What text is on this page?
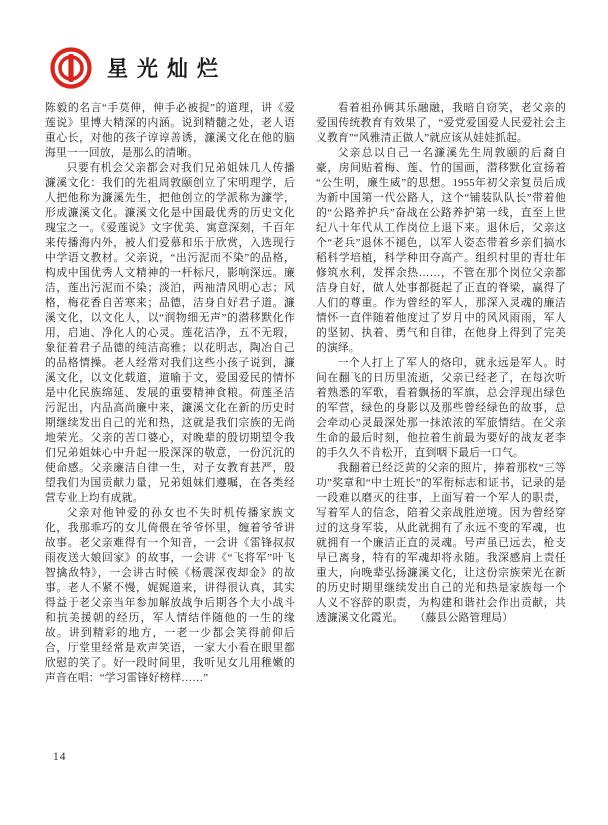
星光灿烂

陈毅的名言“手莫伸，伸手必被捉”的道理，讲《爱莲说》里博大精深的内涵。说到精髓之处，老人语重心长，对他的孩子谆谆善诱，濂溪文化在他的脑海里一一回放，是那么的清晰。

只要有机会父亲都会对我们兄弟姐妹几人传播濂溪文化：我们的先祖周敦颐创立了宋明理学，后人把他称为濂溪先生，把他创立的学派称为濂学，形成濂溪文化。濂溪文化是中国最优秀的历史文化瑰宝之一。《爱莲说》文字优美、寓意深刻，千百年来传播海内外，被人们爱慕和乐于欣赏，入选现行中学语文教材。父亲说，“出污泥而不染”的品格，构成中国优秀人文精神的一杆标尺，影响深远。廉洁，莲出污泥而不染；淡泊，两袖清风明心志；风格，梅花香自苦寒来；品德，洁身自好君子道。濂溪文化，以文化人，以“润物细无声”的潜移默化作用，启迪、净化人的心灵。莲花洁净，五不无瑕，象征着君子品德的纯洁高雅；以花明志，陶冶自己的品格情操。老人经常对我们这些小孩子说到，濂溪文化，以文化载道，道喻于文，爱国爱民的情怀是中化民族绵延、发展的重要精神食粮。荷莲圣洁污泥出，内品高尚廉中来，濂溪文化在新的历史时期继续发出自己的光和热，这就是我们宗族的无尚地荣光。父亲的苦口婆心，对晚辈的殷切期望令我们兄弟姐妹心中升起一股深深的敬意，一份沉沉的使命感。父亲廉洁自律一生，对子女教育甚严，殷望我们为国贡献力量，兄弟姐妹们遵嘱，在各类经营专业上均有成就。

父亲对他钟爱的孙女也不失时机传播家族文化，我那乖巧的女儿倚偎在爷爷怀里，缠着爷爷讲故事。老父亲难得有一个知音，一会讲《雷锋叔叔雨夜送大娘回家》的故事，一会讲《“飞将军”叶飞智擒敌特》，一会讲古时候《杨震深夜却金》的故事。老人不紧不慢，娓娓道来，讲得很认真，其实得益于老父亲当年参加解放战争后期各个大小战斗和抗美援朝的经历，军人情结伴随他的一生的缘故。讲到精彩的地方，一老一少都会笑得前仰后合，厅堂里经常是欢声笑语，一家大小看在眼里都欣慰的笑了。好一段时间里，我听见女儿用稚嫩的声音在唱：“学习雷锋好榜样……”

看着祖孙俩其乐融融，我暗自窃笑，老父亲的爱国传统教育有效果了，“爱党爱国爱人民爱社会主义教育”“风雅清正做人”就应该从娃娃抓起。

父亲总以自己一名濂溪先生周敦颐的后裔自豪，房间贴着梅、莲、竹的国画，潜移默化宣扬着“公生明，廉生威”的思想。1955年初父亲复员后成为新中国第一代公路人，这个“铺装队队长”带着他的“公路养护兵”奋战在公路养护第一线，直至上世纪八十年代从工作岗位上退下来。退休后，父亲这个“老兵”退休不褪色，以军人姿态带着乡亲们搞水稻科学培植，科学种田夺高产。组织村里的青壮年修筑水利，发挥余热……，不管在那个岗位父亲都洁身自好，做人处事都挺起了正直的脊梁，赢得了人们的尊重。作为曾经的军人，那深入灵魂的廉洁情怀一直伴随着他度过了岁月中的风风雨雨，军人的坚韧、执着、勇气和自律，在他身上得到了完美的演绎。

一个人打上了军人的烙印，就永远是军人。时间在翻飞的日历里流逝，父亲已经老了，在每次听着熟悉的军歌，看着飘扬的军旗，总会浮现出绿色的军营，绿色的身影以及那些曾经绿色的故事，总会牵动心灵最深处那一抹浓浓的军旅情结。在父亲生命的最后时刻，他拉着生前最为要好的战友老李的手久久不肯松开，直到咽下最后一口气。

我翻着已经泛黄的父亲的照片，捧着那枚“三等功”奖章和“中士班长”的军衔标志和证书，记录的是一段难以磨灭的往事，上面写着一个军人的职责，写着军人的信念，陪着父亲战胜逆境。因为曾经穿过的这身军装，从此就拥有了永远不变的军魂，也就拥有一个廉洁正直的灵魂。号声虽已远去，枪支早已离身，特有的军魂却将永随。我深感肩上责任重大，向晚辈弘扬濂溪文化，让这份宗族荣光在新的历史时期里继续发出自己的光和热是家族每一个人义不容辞的职责，为构建和谐社会作出贡献，共透濂溪文化霞光。　　（藤县公路管理局）

14
